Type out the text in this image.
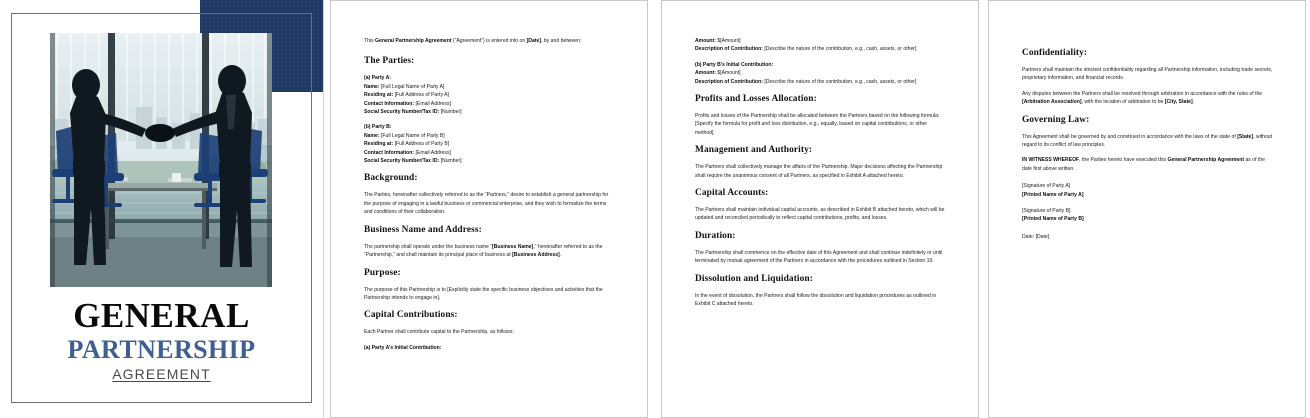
GENERAL
PARTNERSHIP
AGREEMENT

This General Partnership Agreement (“Agreement”) is entered into on [Date], by and between:

The Parties:
(a) Party A:
Name: [Full Legal Name of Party A]
Residing at: [Full Address of Party A]
Contact Information: [Email Address]
Social Security Number/Tax ID: [Number]
(b) Party B:
Name: [Full Legal Name of Party B]
Residing at: [Full Address of Party B]
Contact Information: [Email Address]
Social Security Number/Tax ID: [Number]
Background:

The Parties, hereinafter collectively referred to as the “Partners,” desire to establish a general partnership for the purpose of engaging in a lawful business or commercial enterprise, and they wish to formalize the terms and conditions of their collaboration.

Business Name and Address:

The partnership shall operate under the business name “[Business Name],” hereinafter referred to as the “Partnership,” and shall maintain its principal place of business at [Business Address].

Purpose:

The purpose of this Partnership is to [Explicitly state the specific business objectives and activities that the Partnership intends to engage in].

Capital Contributions:

Each Partner shall contribute capital to the Partnership, as follows:

(a) Party A’s Initial Contribution:
Amount: $[Amount]
Description of Contribution: [Describe the nature of the contribution, e.g., cash, assets, or other]
(b) Party B’s Initial Contribution:
Amount: $[Amount]
Description of Contribution: [Describe the nature of the contribution, e.g., cash, assets, or other]
Profits and Losses Allocation:

Profits and losses of the Partnership shall be allocated between the Partners based on the following formula: [Specify the formula for profit and loss distribution, e.g., equally, based on capital contributions, or other method].

Management and Authority:

The Partners shall collectively manage the affairs of the Partnership. Major decisions affecting the Partnership shall require the unanimous consent of all Partners, as specified in Exhibit A attached hereto.

Capital Accounts:

The Partners shall maintain individual capital accounts, as described in Exhibit B attached hereto, which will be updated and reconciled periodically to reflect capital contributions, profits, and losses.

Duration:

The Partnership shall commence on the effective date of this Agreement and shall continue indefinitely or until terminated by mutual agreement of the Partners in accordance with the procedures outlined in Section 10.

Dissolution and Liquidation:

In the event of dissolution, the Partners shall follow the dissolution and liquidation procedures as outlined in Exhibit C attached hereto.

Confidentiality:

Partners shall maintain the strictest confidentiality regarding all Partnership information, including trade secrets, proprietary information, and financial records.

Any disputes between the Partners shall be resolved through arbitration in accordance with the rules of the [Arbitration Association], with the location of arbitration to be [City, State].

Governing Law:

This Agreement shall be governed by and construed in accordance with the laws of the state of [State], without regard to its conflict of law principles.

IN WITNESS WHEREOF, the Parties hereto have executed this General Partnership Agreement as of the date first above written.

[Signature of Party A]
[Printed Name of Party A]
[Signature of Party B]
[Printed Name of Party B]
Date: [Date]
